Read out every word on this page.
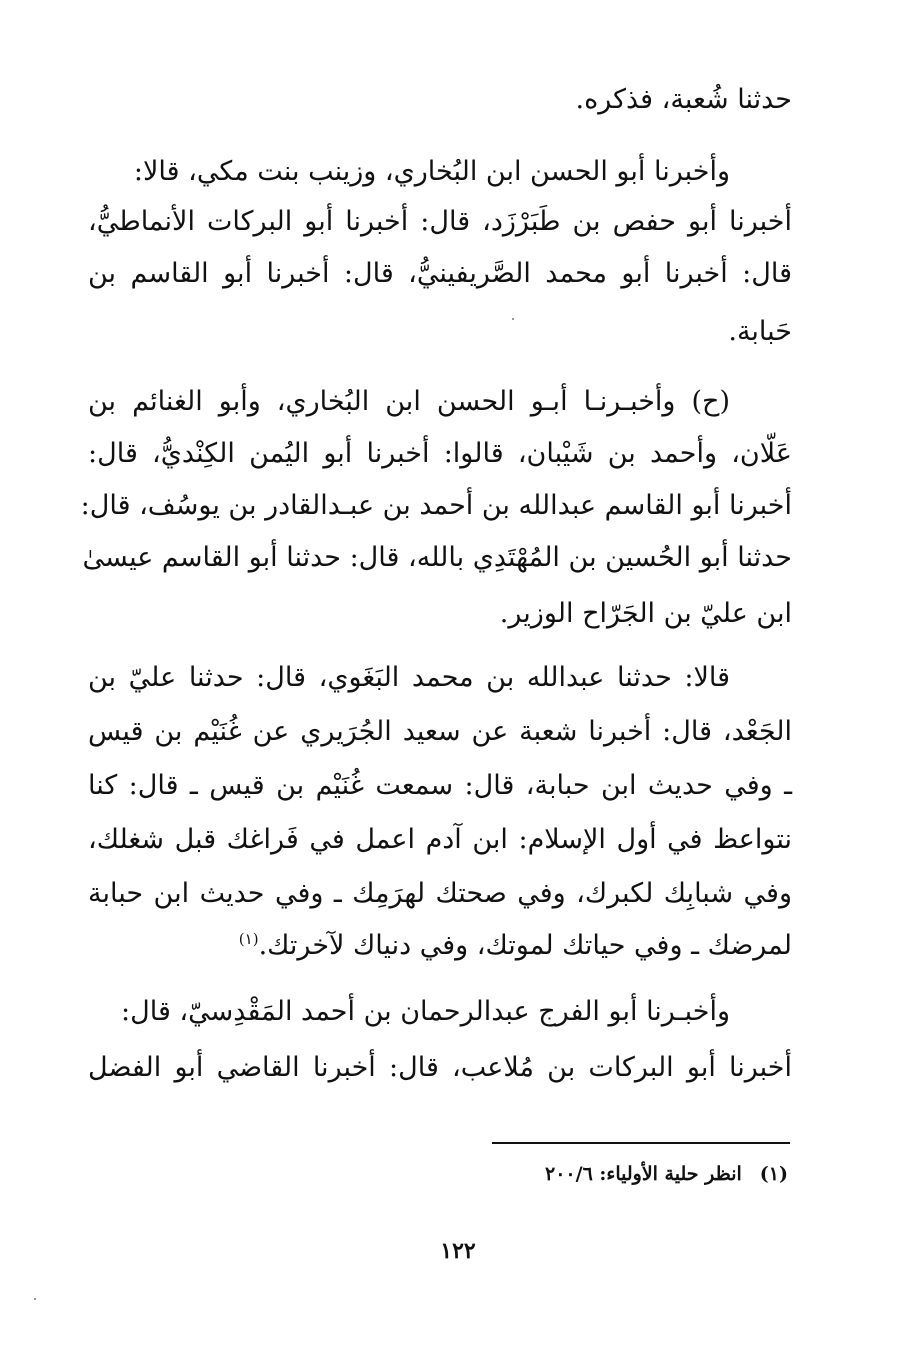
حدثنا شُعبة، فذكره.
وأخبرنا أبو الحسن ابن البُخاري، وزينب بنت مكي، قالا:
أخبرنا أبو حفص بن طَبَرْزَد، قال: أخبرنا أبو البركات الأنماطيُّ،
قال: أخبرنا أبو محمد الصَّريفينيُّ، قال: أخبرنا أبو القاسم بن
حَبابة.
(ح) وأخبـرنـا أبـو الحسن ابن البُخاري، وأبو الغنائم بن
عَلّان، وأحمد بن شَيْبان، قالوا: أخبرنا أبو اليُمن الكِنْديُّ، قال:
أخبرنا أبو القاسم عبدالله بن أحمد بن عبـدالقادر بن يوسُف، قال:
حدثنا أبو الحُسين بن المُهْتَدِي بالله، قال: حدثنا أبو القاسم عيسىٰ
ابن عليّ بن الجَرّاح الوزير.
قالا: حدثنا عبدالله بن محمد البَغَوي، قال: حدثنا عليّ بن
الجَعْد، قال: أخبرنا شعبة عن سعيد الجُرَيري عن غُنَيْم بن قيس
ـ وفي حديث ابن حبابة، قال: سمعت غُنَيْم بن قيس ـ قال: كنا
نتواعظ في أول الإسلام: ابن آدم اعمل في فَراغك قبل شغلك،
وفي شبابِك لكبرك، وفي صحتك لهرَمِك ـ وفي حديث ابن حبابة
لمرضك ـ وفي حياتك لموتك، وفي دنياك لآخرتك.$^{(١)}$
وأخبـرنا أبو الفرج عبدالرحمان بن أحمد المَقْدِسيّ، قال:
أخبرنا أبو البركات بن مُلاعب، قال: أخبرنا القاضي أبو الفضل
(١)انظر حلية الأولياء: ٢٠٠/٦
١٢٢
